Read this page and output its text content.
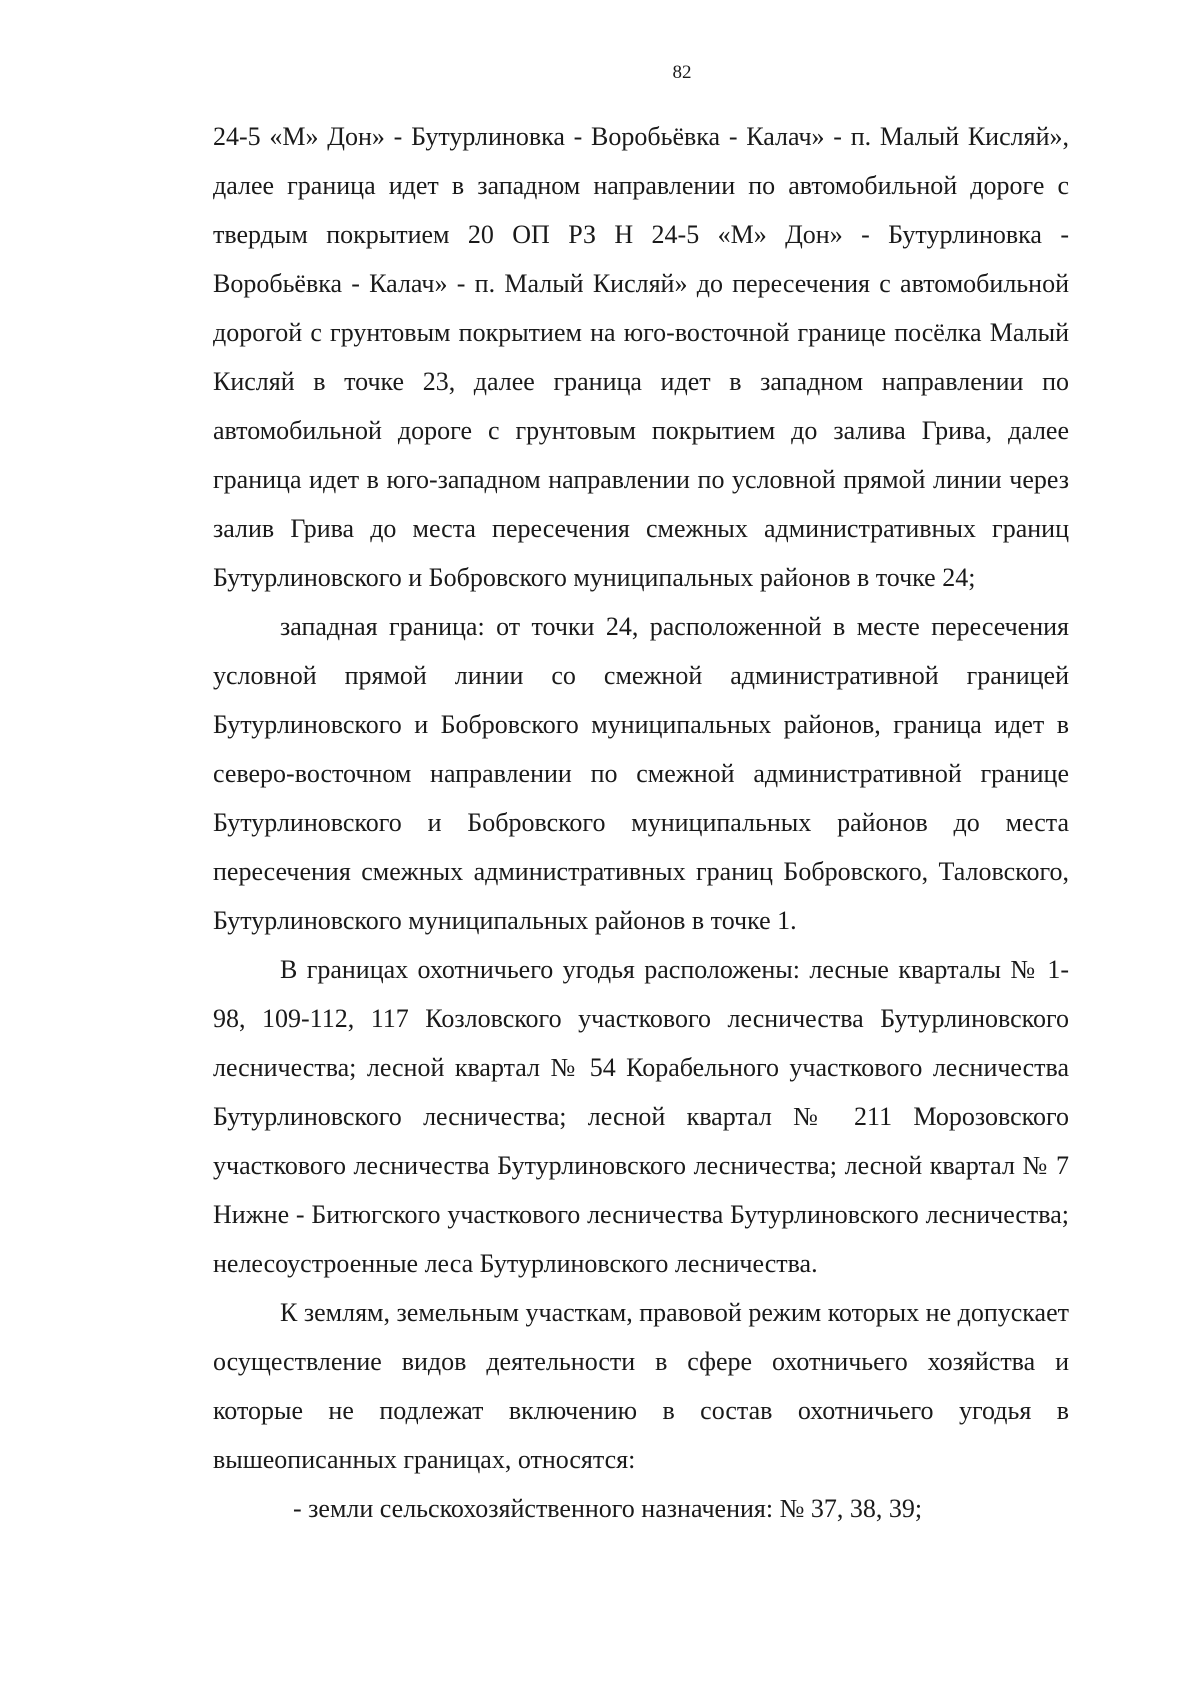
82

24-5 «М» Дон» - Бутурлиновка - Воробьёвка - Калач» - п. Малый Кисляй», далее граница идет в западном направлении по автомобильной дороге с твердым покрытием 20 ОП РЗ Н 24-5 «М» Дон» - Бутурлиновка - Воробьёвка - Калач» - п. Малый Кисляй» до пересечения с автомобильной дорогой с грунтовым покрытием на юго-восточной границе посёлка Малый Кисляй в точке 23, далее граница идет в западном направлении по автомобильной дороге с грунтовым покрытием до залива Грива, далее граница идет в юго-западном направлении по условной прямой линии через залив Грива до места пересечения смежных административных границ Бутурлиновского и Бобровского муниципальных районов в точке 24;

западная граница: от точки 24, расположенной в месте пересечения условной прямой линии со смежной административной границей Бутурлиновского и Бобровского муниципальных районов, граница идет в северо-восточном направлении по смежной административной границе Бутурлиновского и Бобровского муниципальных районов до места пересечения смежных административных границ Бобровского, Таловского, Бутурлиновского муниципальных районов в точке 1.

В границах охотничьего угодья расположены: лесные кварталы № 1-98, 109-112, 117 Козловского участкового лесничества Бутурлиновского лесничества; лесной квартал № 54 Корабельного участкового лесничества Бутурлиновского лесничества; лесной квартал № 211 Морозовского участкового лесничества Бутурлиновского лесничества; лесной квартал № 7 Нижне - Битюгского участкового лесничества Бутурлиновского лесничества; нелесоустроенные леса Бутурлиновского лесничества.

К землям, земельным участкам, правовой режим которых не допускает осуществление видов деятельности в сфере охотничьего хозяйства и которые не подлежат включению в состав охотничьего угодья в вышеописанных границах, относятся:

- земли сельскохозяйственного назначения: № 37, 38, 39;
